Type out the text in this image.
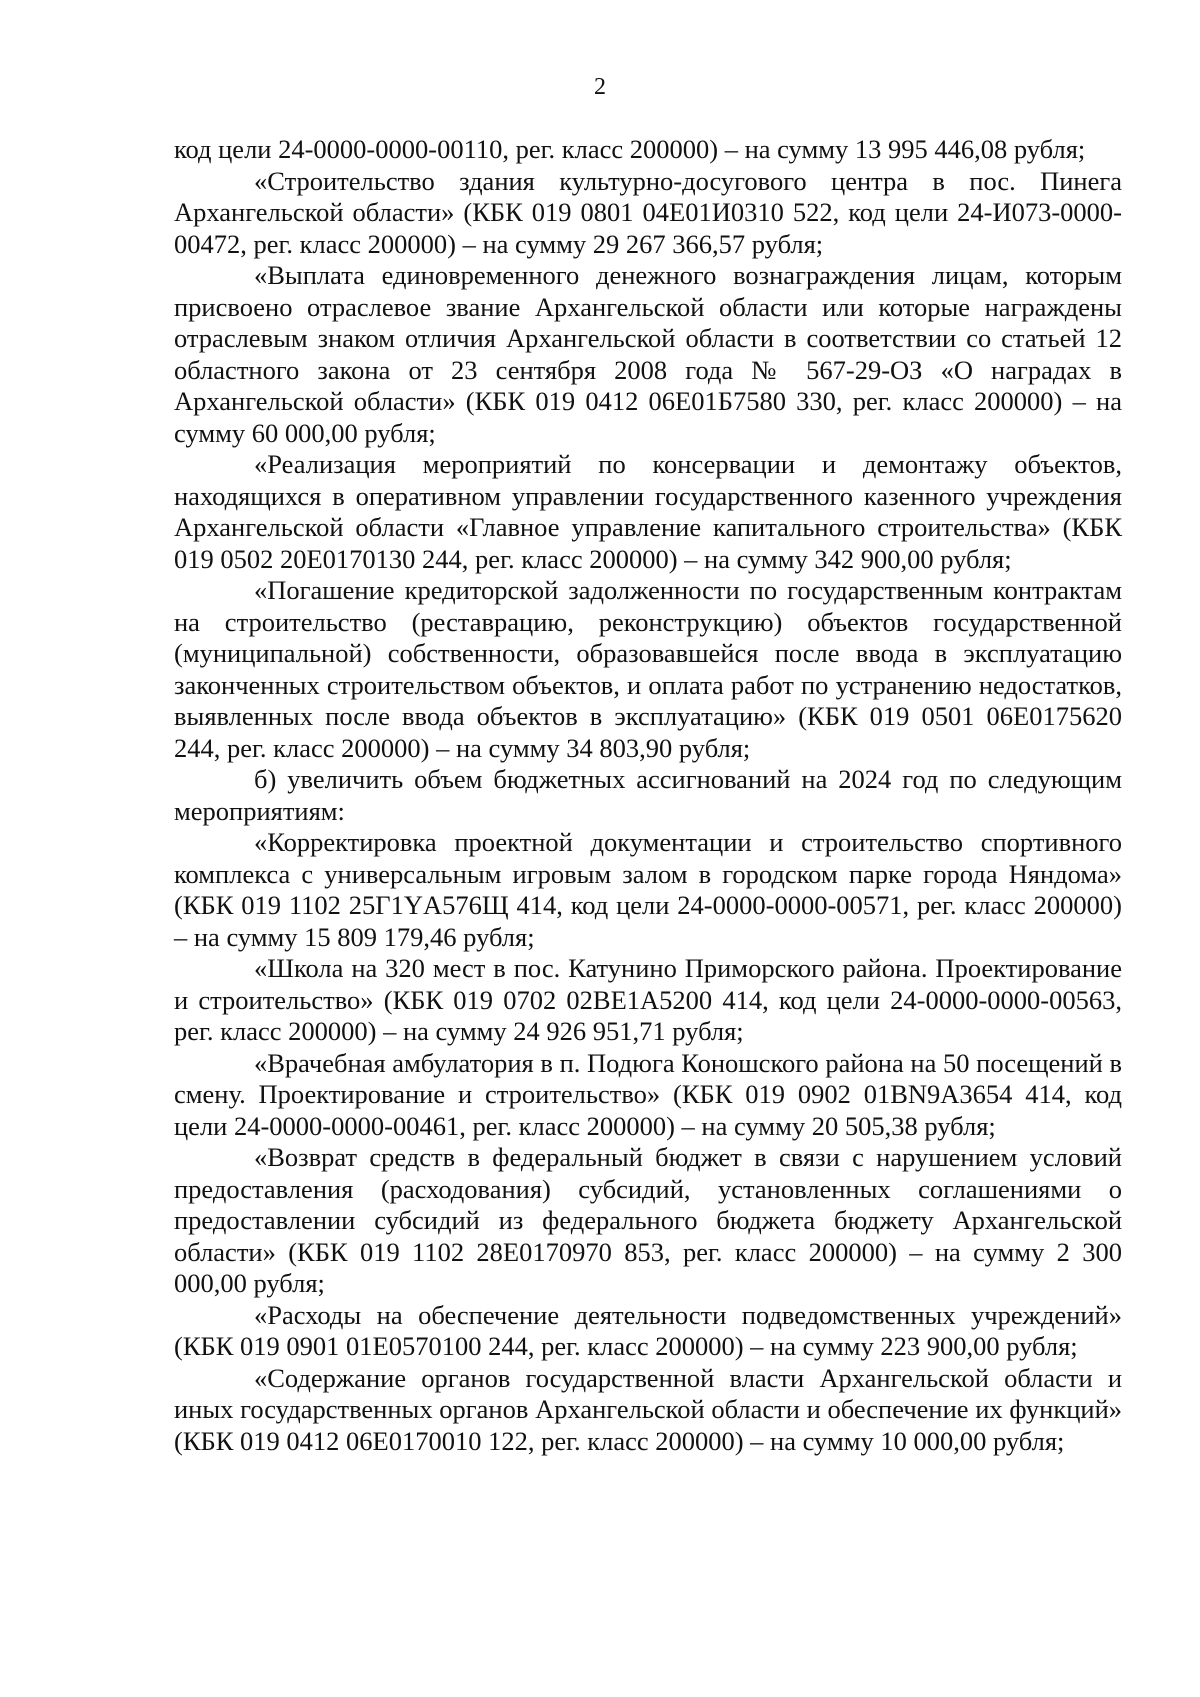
2

код цели 24-0000-0000-00110, рег. класс 200000) – на сумму 13 995 446,08 рубля;

«Строительство здания культурно-досугового центра в пос. Пинега Архангельской области» (КБК 019 0801 04Е01И0310 522, код цели 24-И073-0000-00472, рег. класс 200000) – на сумму 29 267 366,57 рубля;

«Выплата единовременного денежного вознаграждения лицам, которым присвоено отраслевое звание Архангельской области или которые награждены отраслевым знаком отличия Архангельской области в соответствии со статьей 12 областного закона от 23 сентября 2008 года № 567-29-ОЗ «О наградах в Архангельской области» (КБК 019 0412 06Е01Б7580 330, рег. класс 200000) – на сумму 60 000,00 рубля;

«Реализация мероприятий по консервации и демонтажу объектов, находящихся в оперативном управлении государственного казенного учреждения Архангельской области «Главное управление капитального строительства» (КБК 019 0502 20Е0170130 244, рег. класс 200000) – на сумму 342 900,00 рубля;

«Погашение кредиторской задолженности по государственным контрактам на строительство (реставрацию, реконструкцию) объектов государственной (муниципальной) собственности, образовавшейся после ввода в эксплуатацию законченных строительством объектов, и оплата работ по устранению недостатков, выявленных после ввода объектов в эксплуатацию» (КБК 019 0501 06Е0175620 244, рег. класс 200000) – на сумму 34 803,90 рубля;

б) увеличить объем бюджетных ассигнований на 2024 год по следующим мероприятиям:

«Корректировка проектной документации и строительство спортивного комплекса с универсальным игровым залом в городском парке города Няндома» (КБК 019 1102 25Г1YА576Щ 414, код цели 24-0000-0000-00571, рег. класс 200000) – на сумму 15 809 179,46 рубля;

«Школа на 320 мест в пос. Катунино Приморского района. Проектирование и строительство» (КБК 019 0702 02ВЕ1А5200 414, код цели 24-0000-0000-00563, рег. класс 200000) – на сумму 24 926 951,71 рубля;

«Врачебная амбулатория в п. Подюга Коношского района на 50 посещений в смену. Проектирование и строительство» (КБК 019 0902 01BN9А3654 414, код цели 24-0000-0000-00461, рег. класс 200000) – на сумму 20 505,38 рубля;

«Возврат средств в федеральный бюджет в связи с нарушением условий предоставления (расходования) субсидий, установленных соглашениями о предоставлении субсидий из федерального бюджета бюджету Архангельской области» (КБК 019 1102 28Е0170970 853, рег. класс 200000) – на сумму 2 300 000,00 рубля;

«Расходы на обеспечение деятельности подведомственных учреждений» (КБК 019 0901 01Е0570100 244, рег. класс 200000) – на сумму 223 900,00 рубля;

«Содержание органов государственной власти Архангельской области и иных государственных органов Архангельской области и обеспечение их функций» (КБК 019 0412 06Е0170010 122, рег. класс 200000) – на сумму 10 000,00 рубля;
